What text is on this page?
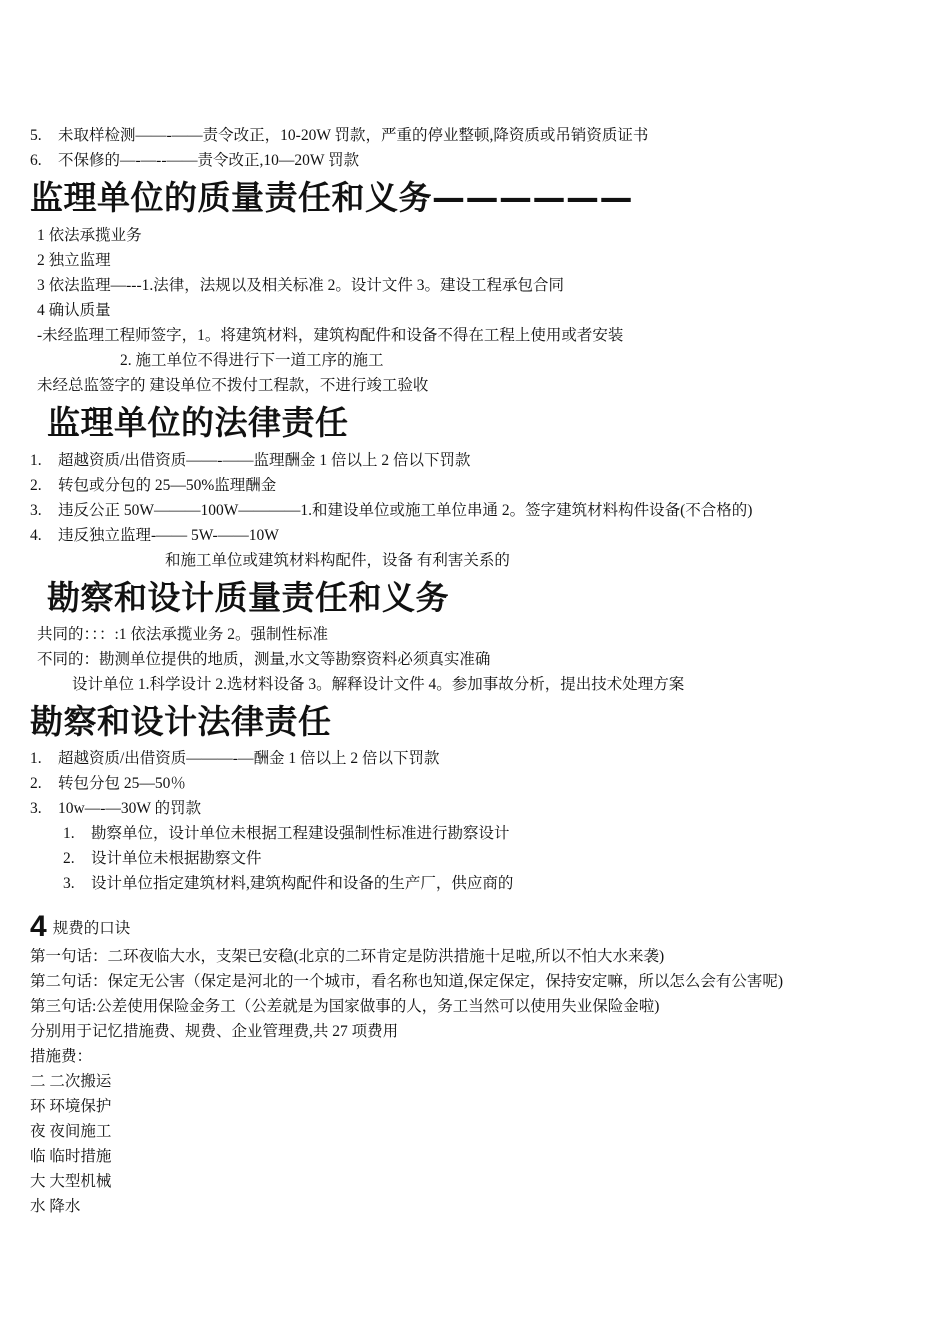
5. 未取样检测——-——责令改正，10-20W 罚款，严重的停业整顿,降资质或吊销资质证书
6. 不保修的—-—--——责令改正,10—20W 罚款
监理单位的质量责任和义务——————
1 依法承揽业务
2 独立监理
3 依法监理—---1.法律，法规以及相关标准 2。设计文件 3。建设工程承包合同
4 确认质量
-未经监理工程师签字，1。将建筑材料，建筑构配件和设备不得在工程上使用或者安装
2. 施工单位不得进行下一道工序的施工
未经总监签字的 建设单位不拨付工程款，不进行竣工验收
监理单位的法律责任
1. 超越资质/出借资质——-——监理酬金 1 倍以上 2 倍以下罚款
2. 转包或分包的 25—50%监理酬金
3. 违反公正 50W———100W————1.和建设单位或施工单位串通 2。签字建筑材料构件设备(不合格的)
4. 违反独立监理-—— 5W-——10W
和施工单位或建筑材料构配件，设备 有利害关系的
勘察和设计质量责任和义务
共同的：：：:1 依法承揽业务 2。强制性标准
不同的：勘测单位提供的地质，测量,水文等勘察资料必须真实准确
设计单位 1.科学设计 2.选材料设备 3。解释设计文件 4。参加事故分析，提出技术处理方案
勘察和设计法律责任
1. 超越资质/出借资质———-—酬金 1 倍以上 2 倍以下罚款
2. 转包分包 25—50％
3. 10w—-—30W 的罚款
1. 勘察单位，设计单位未根据工程建设强制性标准进行勘察设计
2. 设计单位未根据勘察文件
3. 设计单位指定建筑材料,建筑构配件和设备的生产厂，供应商的
4 规费的口诀
第一句话：二环夜临大水，支架已安稳(北京的二环肯定是防洪措施十足啦,所以不怕大水来袭)
第二句话：保定无公害（保定是河北的一个城市，看名称也知道,保定保定，保持安定嘛，所以怎么会有公害呢)
第三句话:公差使用保险金务工（公差就是为国家做事的人，务工当然可以使用失业保险金啦)
分别用于记忆措施费、规费、企业管理费,共 27 项费用
措施费：
二 二次搬运
环 环境保护
夜 夜间施工
临 临时措施
大 大型机械
水 降水
